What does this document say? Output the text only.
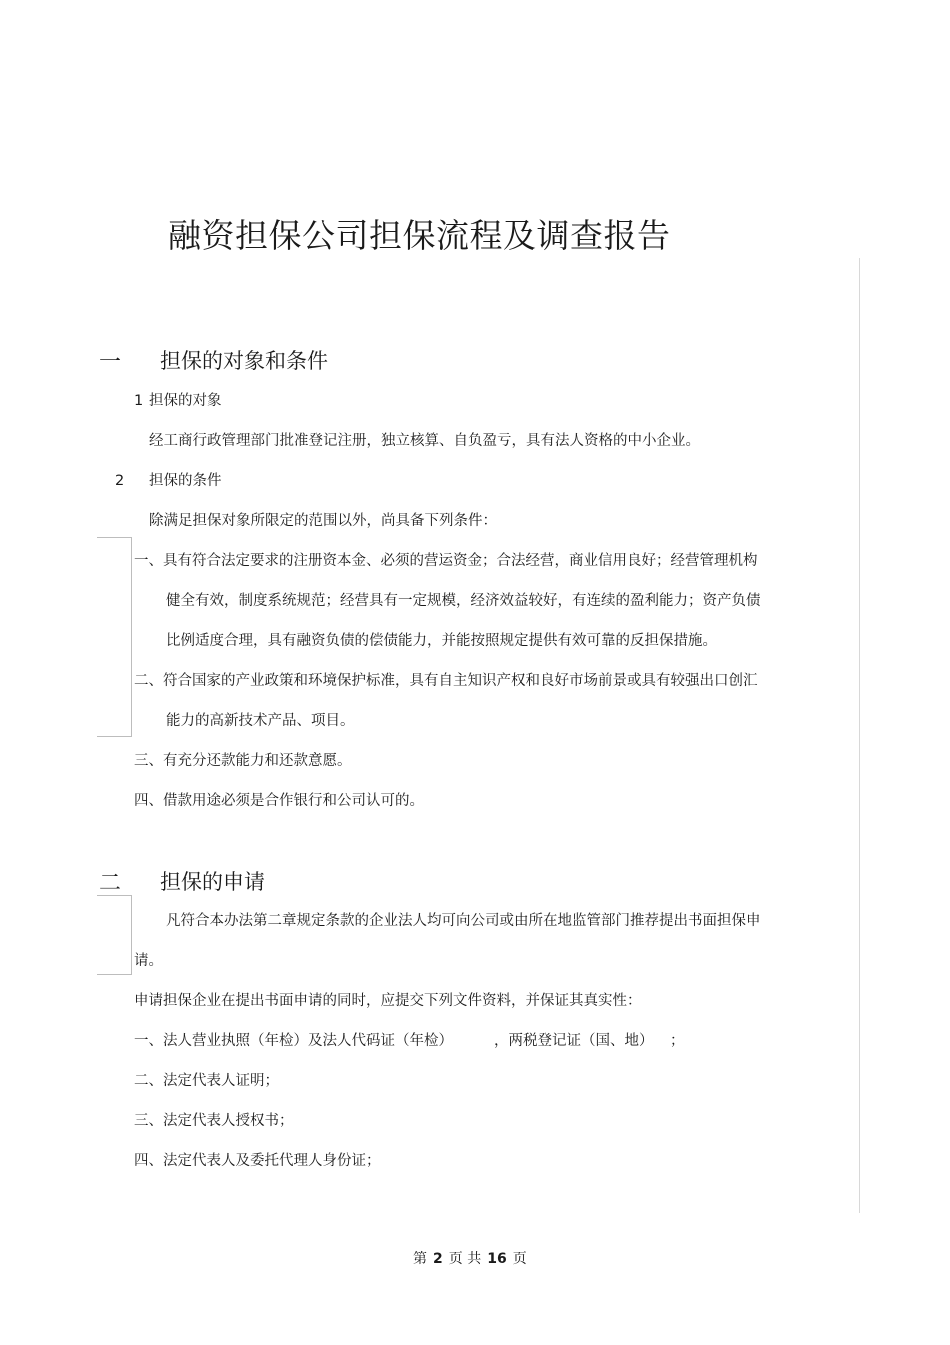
融资担保公司担保流程及调查报告
一 担保的对象和条件
1 担保的对象
经工商行政管理部门批准登记注册，独立核算、自负盈亏，具有法人资格的中小企业。
2 担保的条件
除满足担保对象所限定的范围以外，尚具备下列条件：
一、具有符合法定要求的注册资本金、必须的营运资金；合法经营，商业信用良好；经营管理机构
健全有效，制度系统规范；经营具有一定规模，经济效益较好，有连续的盈利能力；资产负债
比例适度合理，具有融资负债的偿债能力，并能按照规定提供有效可靠的反担保措施。
二、符合国家的产业政策和环境保护标准，具有自主知识产权和良好市场前景或具有较强出口创汇
能力的高新技术产品、项目。
三、有充分还款能力和还款意愿。
四、借款用途必须是合作银行和公司认可的。
二 担保的申请
凡符合本办法第二章规定条款的企业法人均可向公司或由所在地监管部门推荐提出书面担保申
请。
申请担保企业在提出书面申请的同时，应提交下列文件资料，并保证其真实性：
一、法人营业执照（年检）及法人代码证（年检）	，两税登记证（国、地） ；
二、法定代表人证明；
三、法定代表人授权书；
四、法定代表人及委托代理人身份证；
第 2 页 共 16 页
